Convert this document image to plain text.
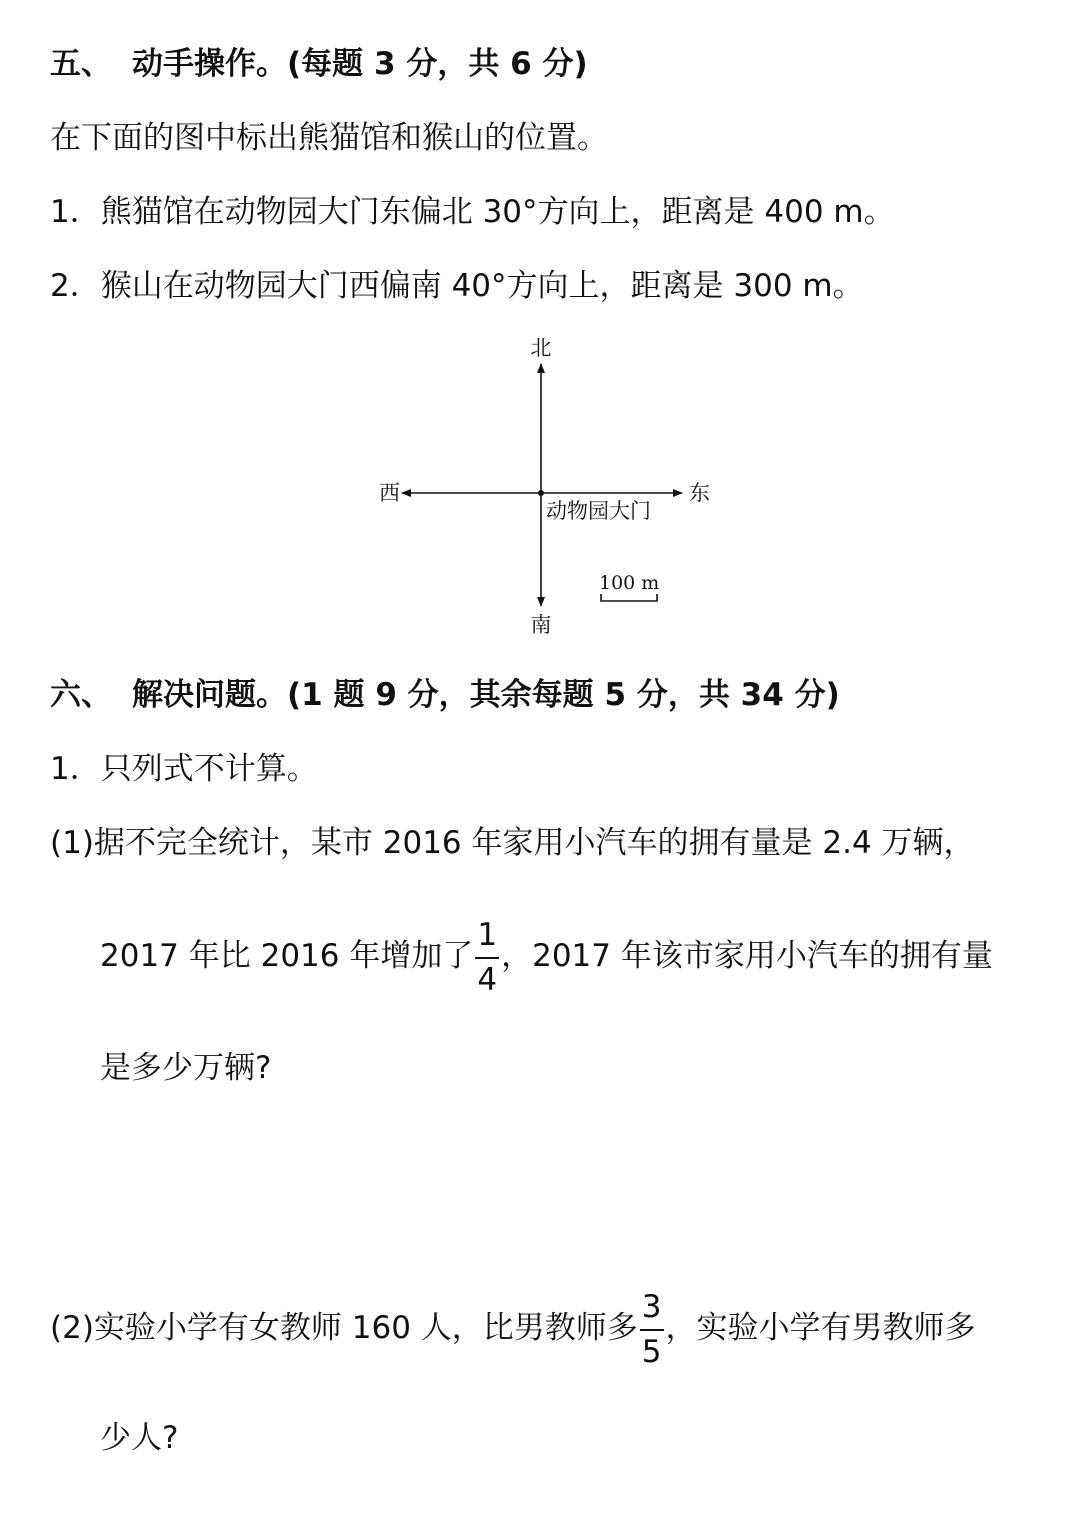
五、 动手操作。(每题 3 分，共 6 分)
在下面的图中标出熊猫馆和猴山的位置。
1．熊猫馆在动物园大门东偏北 30°方向上，距离是 400 m。
2．猴山在动物园大门西偏南 40°方向上，距离是 300 m。
北
南
东
西
动物园大门
100 m
六、 解决问题。(1 题 9 分，其余每题 5 分，共 34 分)
1．只列式不计算。
(1)据不完全统计，某市 2016 年家用小汽车的拥有量是 2.4 万辆，
2017 年比 2016 年增加了 $\frac{1}{4}$ ，2017 年该市家用小汽车的拥有量
是多少万辆?
(2)实验小学有女教师 160 人，比男教师多 $\frac{3}{5}$ ，实验小学有男教师多
少人?
